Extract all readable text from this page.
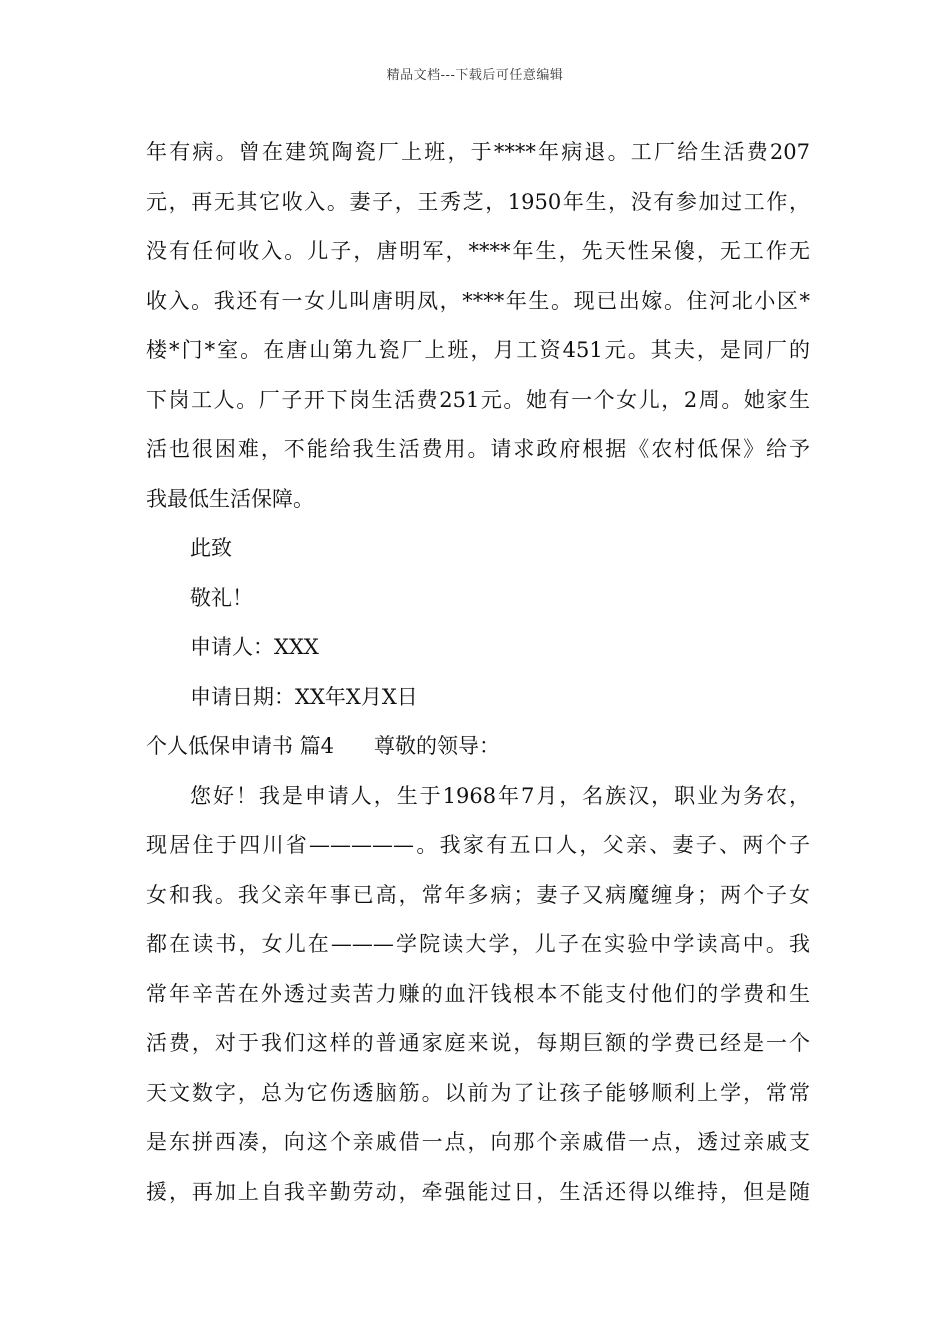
精品文档---下载后可任意编辑
年有病。曾在建筑陶瓷厂上班，于****年病退。工厂给生活费207
元，再无其它收入。妻子，王秀芝，1950年生，没有参加过工作，
没有任何收入。儿子，唐明军，****年生，先天性呆傻，无工作无
收入。我还有一女儿叫唐明凤，****年生。现已出嫁。住河北小区*
楼*门*室。在唐山第九瓷厂上班，月工资451元。其夫，是同厂的
下岗工人。厂子开下岗生活费251元。她有一个女儿，2周。她家生
活也很困难，不能给我生活费用。请求政府根据《农村低保》给予
我最低生活保障。
此致
敬礼！
申请人：XXX
申请日期：XX年X月X日
个人低保申请书 篇4 尊敬的领导：
您好！我是申请人，生于1968年7月，名族汉，职业为务农，
现居住于四川省—————。我家有五口人，父亲、妻子、两个子
女和我。我父亲年事已高，常年多病；妻子又病魔缠身；两个子女
都在读书，女儿在———学院读大学，儿子在实验中学读高中。我
常年辛苦在外透过卖苦力赚的血汗钱根本不能支付他们的学费和生
活费，对于我们这样的普通家庭来说，每期巨额的学费已经是一个
天文数字，总为它伤透脑筋。以前为了让孩子能够顺利上学，常常
是东拼西凑，向这个亲戚借一点，向那个亲戚借一点，透过亲戚支
援，再加上自我辛勤劳动，牵强能过日，生活还得以维持，但是随
